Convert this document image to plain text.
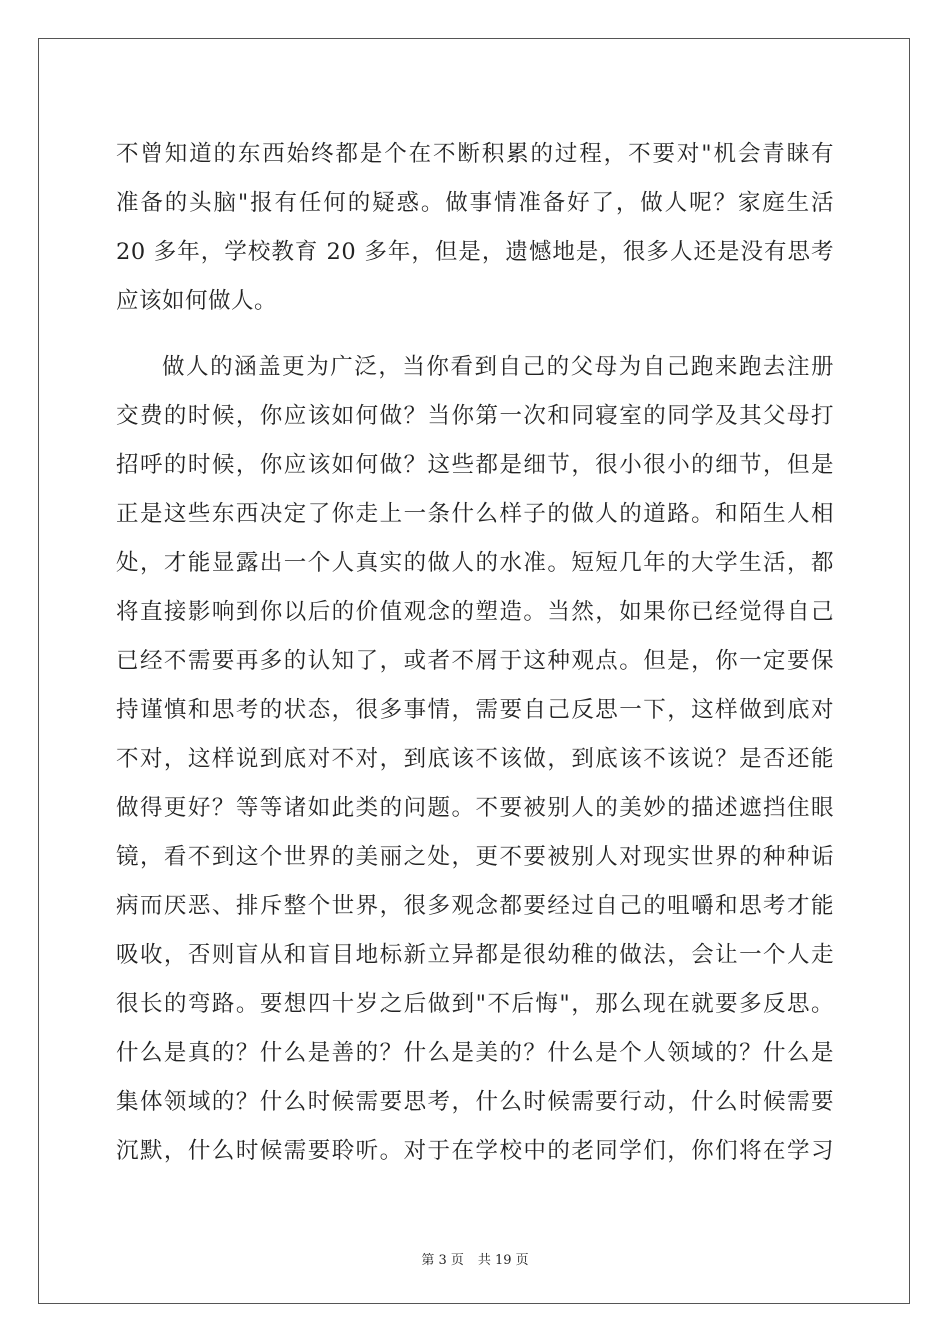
不曾知道的东西始终都是个在不断积累的过程，不要对"机会青睐有
准备的头脑"报有任何的疑惑。做事情准备好了，做人呢？家庭生活
20 多年，学校教育 20 多年，但是，遗憾地是，很多人还是没有思考
应该如何做人。
做人的涵盖更为广泛，当你看到自己的父母为自己跑来跑去注册
交费的时候，你应该如何做？当你第一次和同寝室的同学及其父母打
招呼的时候，你应该如何做？这些都是细节，很小很小的细节，但是
正是这些东西决定了你走上一条什么样子的做人的道路。和陌生人相
处，才能显露出一个人真实的做人的水准。短短几年的大学生活，都
将直接影响到你以后的价值观念的塑造。当然，如果你已经觉得自己
已经不需要再多的认知了，或者不屑于这种观点。但是，你一定要保
持谨慎和思考的状态，很多事情，需要自己反思一下，这样做到底对
不对，这样说到底对不对，到底该不该做，到底该不该说？是否还能
做得更好？等等诸如此类的问题。不要被别人的美妙的描述遮挡住眼
镜，看不到这个世界的美丽之处，更不要被别人对现实世界的种种诟
病而厌恶、排斥整个世界，很多观念都要经过自己的咀嚼和思考才能
吸收，否则盲从和盲目地标新立异都是很幼稚的做法，会让一个人走
很长的弯路。要想四十岁之后做到"不后悔"，那么现在就要多反思。
什么是真的？什么是善的？什么是美的？什么是个人领域的？什么是
集体领域的？什么时候需要思考，什么时候需要行动，什么时候需要
沉默，什么时候需要聆听。对于在学校中的老同学们，你们将在学习
第 3 页 共 19 页
